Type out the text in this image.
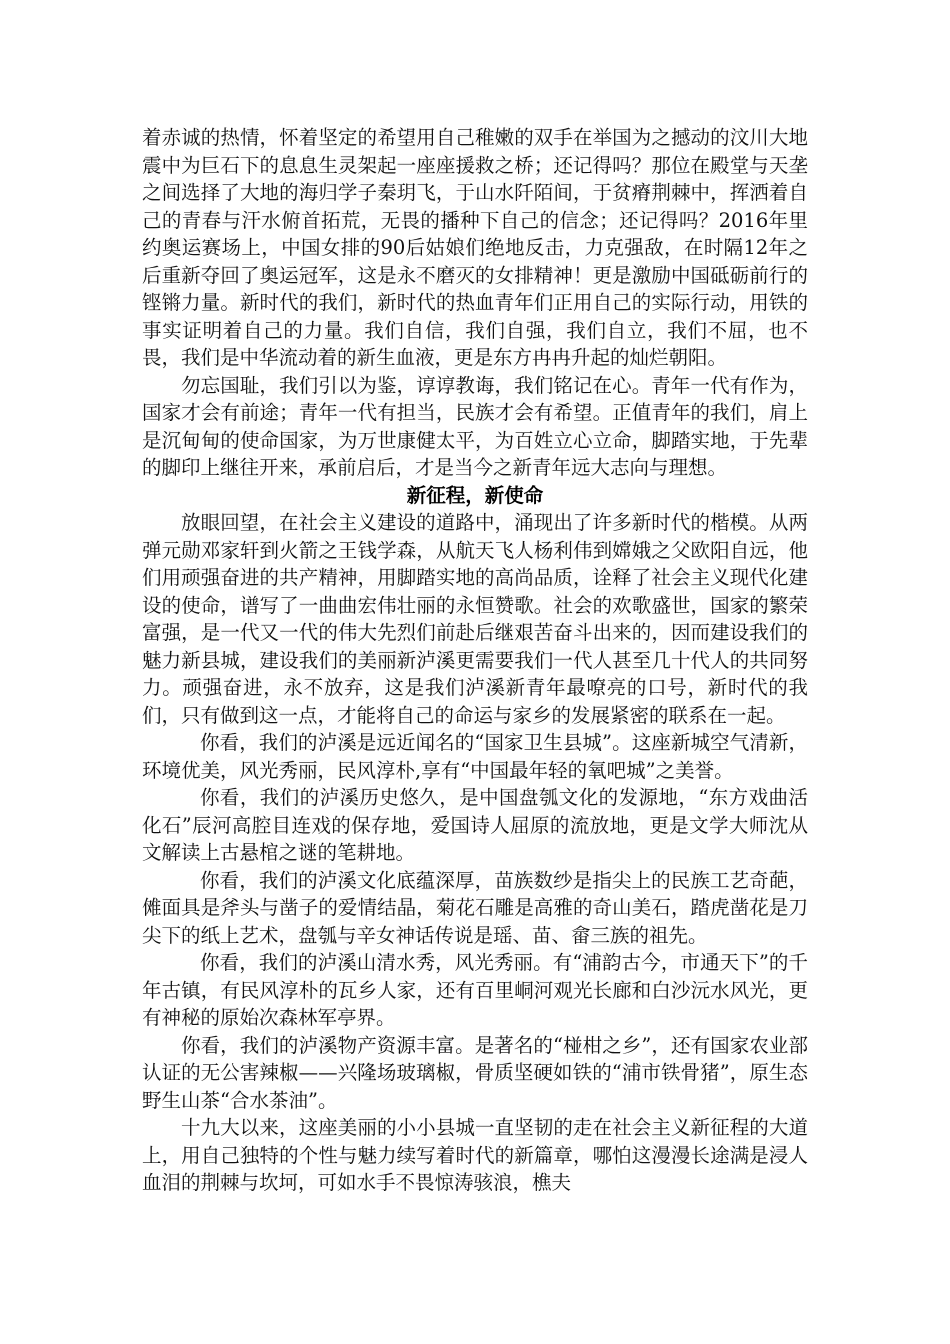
着赤诚的热情，怀着坚定的希望用自己稚嫩的双手在举国为之撼动的汶川大地震中为巨石下的息息生灵架起一座座援救之桥；还记得吗？那位在殿堂与天垄之间选择了大地的海归学子秦玥飞，于山水阡陌间，于贫瘠荆棘中，挥洒着自己的青春与汗水俯首拓荒，无畏的播种下自己的信念；还记得吗？2016年里约奥运赛场上，中国女排的90后姑娘们绝地反击，力克强敌，在时隔12年之后重新夺回了奥运冠军，这是永不磨灭的女排精神！更是激励中国砥砺前行的铿锵力量。新时代的我们，新时代的热血青年们正用自己的实际行动，用铁的事实证明着自己的力量。我们自信，我们自强，我们自立，我们不屈，也不畏，我们是中华流动着的新生血液，更是东方冉冉升起的灿烂朝阳。

勿忘国耻，我们引以为鉴，谆谆教诲，我们铭记在心。青年一代有作为，国家才会有前途；青年一代有担当，民族才会有希望。正值青年的我们，肩上是沉甸甸的使命国家，为万世康健太平，为百姓立心立命，脚踏实地，于先辈的脚印上继往开来，承前启后，才是当今之新青年远大志向与理想。

新征程，新使命

放眼回望，在社会主义建设的道路中，涌现出了许多新时代的楷模。从两弹元勋邓家轩到火箭之王钱学森，从航天飞人杨利伟到嫦娥之父欧阳自远，他们用顽强奋进的共产精神，用脚踏实地的高尚品质，诠释了社会主义现代化建设的使命，谱写了一曲曲宏伟壮丽的永恒赞歌。社会的欢歌盛世，国家的繁荣富强，是一代又一代的伟大先烈们前赴后继艰苦奋斗出来的，因而建设我们的魅力新县城，建设我们的美丽新泸溪更需要我们一代人甚至几十代人的共同努力。顽强奋进，永不放弃，这是我们泸溪新青年最嘹亮的口号，新时代的我们，只有做到这一点，才能将自己的命运与家乡的发展紧密的联系在一起。

你看，我们的泸溪是远近闻名的“国家卫生县城”。这座新城空气清新，环境优美，风光秀丽，民风淳朴,享有“中国最年轻的氧吧城”之美誉。

你看，我们的泸溪历史悠久，是中国盘瓠文化的发源地，“东方戏曲活化石”辰河高腔目连戏的保存地，爱国诗人屈原的流放地，更是文学大师沈从文解读上古悬棺之谜的笔耕地。

你看，我们的泸溪文化底蕴深厚，苗族数纱是指尖上的民族工艺奇葩，傩面具是斧头与凿子的爱情结晶，菊花石雕是高雅的奇山美石，踏虎凿花是刀尖下的纸上艺术，盘瓠与辛女神话传说是瑶、苗、畲三族的祖先。

你看，我们的泸溪山清水秀，风光秀丽。有“浦韵古今，市通天下”的千年古镇，有民风淳朴的瓦乡人家，还有百里峒河观光长廊和白沙沅水风光，更有神秘的原始次森林军亭界。

你看，我们的泸溪物产资源丰富。是著名的“椪柑之乡”，还有国家农业部认证的无公害辣椒——兴隆场玻璃椒，骨质坚硬如铁的“浦市铁骨猪”，原生态野生山茶“合水茶油”。

十九大以来，这座美丽的小小县城一直坚韧的走在社会主义新征程的大道上，用自己独特的个性与魅力续写着时代的新篇章，哪怕这漫漫长途满是浸人血泪的荆棘与坎坷，可如水手不畏惊涛骇浪，樵夫
